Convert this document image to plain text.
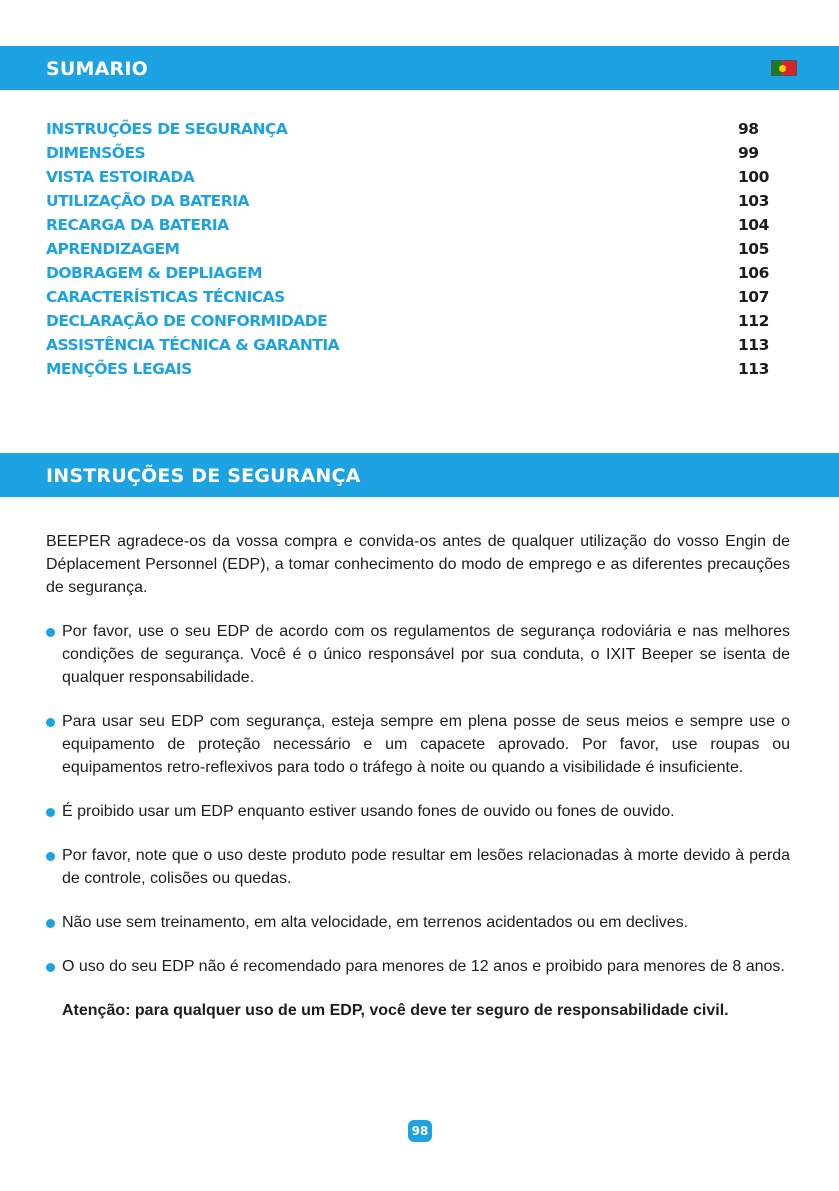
SUMARIO
INSTRUÇÕES DE SEGURANÇA	98
DIMENSÕES	99
VISTA ESTOIRADA	100
UTILIZAÇÃO DA BATERIA	103
RECARGA DA BATERIA	104
APRENDIZAGEM	105
DOBRAGEM & DEPLIAGEM	106
CARACTERÍSTICAS TÉCNICAS	107
DECLARAÇÃO DE CONFORMIDADE	112
ASSISTÊNCIA TÉCNICA & GARANTIA	113
MENÇÕES LEGAIS	113
INSTRUÇÕES DE SEGURANÇA

BEEPER agradece-os da vossa compra e convida-os antes de qualquer utilização do vosso Engin de Déplacement Personnel (EDP), a tomar conhecimento do modo de emprego e as diferentes precauções de segurança.

Por favor, use o seu EDP de acordo com os regulamentos de segurança rodoviária e nas melhores condições de segurança. Você é o único responsável por sua conduta, o IXIT Beeper se isenta de qualquer responsabilidade.
Para usar seu EDP com segurança, esteja sempre em plena posse de seus meios e sempre use o equipamento de proteção necessário e um capacete aprovado. Por favor, use roupas ou equipamentos retro-reflexivos para todo o tráfego à noite ou quando a visibilidade é insuficiente.
É proibido usar um EDP enquanto estiver usando fones de ouvido ou fones de ouvido.
Por favor, note que o uso deste produto pode resultar em lesões relacionadas à morte devido à perda de controle, colisões ou quedas.
Não use sem treinamento, em alta velocidade, em terrenos acidentados ou em declives.
O uso do seu EDP não é recomendado para menores de 12 anos e proibido para menores de 8 anos.

Atenção: para qualquer uso de um EDP, você deve ter seguro de responsabilidade civil.

98
